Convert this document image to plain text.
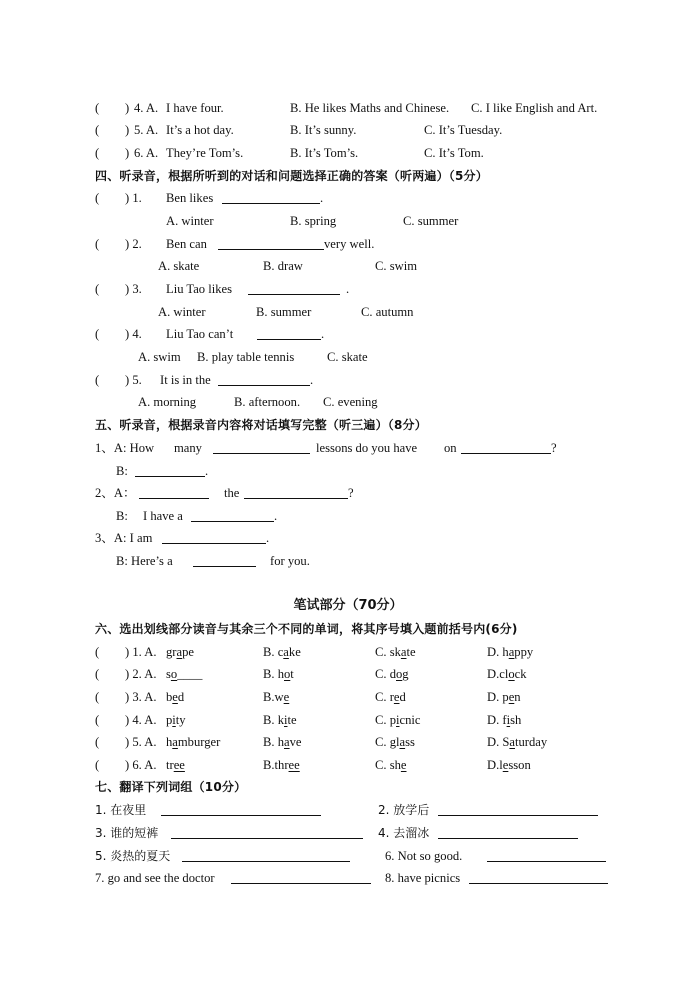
( ) 4. A. I have four.	B. He likes Maths and Chinese. C. I like English and Art.
( ) 5. A. It’s a hot day.	B. It’s sunny.	C. It’s Tuesday.
( ) 6. A. They’re Tom’s.	B. It’s Tom’s.	C. It’s Tom.
四、听录音，根据所听到的对话和问题选择正确的答案（听两遍）（5分）
( ) 1. Ben likes	.
A. winter	B. spring	C. summer
( ) 2. Ben can	very well.
A. skate	B. draw	C. swim
( ) 3. Liu Tao likes	.
A. winter	B. summer	C. autumn
( ) 4. Liu Tao can’t	.
A. swim B. play table tennis	C. skate
( ) 5. It is in the	.
A. morning	B. afternoon. C. evening
五、听录音，根据录音内容将对话填写完整（听三遍）（8分）
1、A: How many	lessons do you have on	?
B:	.
2、A：	the	?
B: I have a	.
3、A: I am	.
B: Here’s a	for you.
笔试部分（70分）
六、选出划线部分读音与其余三个不同的单词，将其序号填入题前括号内(6分)
( ) 1. A. grape	B. cake	C. skate	D. happy
( ) 2. A. so____	B. hot	C. dog	D.clock
( ) 3. A. bed	B.we	C. red	D. pen
( ) 4. A. pity	B. kite	C. picnic	D. fish
( ) 5. A. hamburger	B. have	C. glass	D. Saturday
( ) 6. A. tree	B.three	C. she	D.lesson
七、翻译下列词组（10分）
1. 在夜里	2. 放学后
3. 谁的短裤	4. 去溜冰
5. 炎热的夏天	6. Not so good.
7. go and see the doctor	8. have picnics
